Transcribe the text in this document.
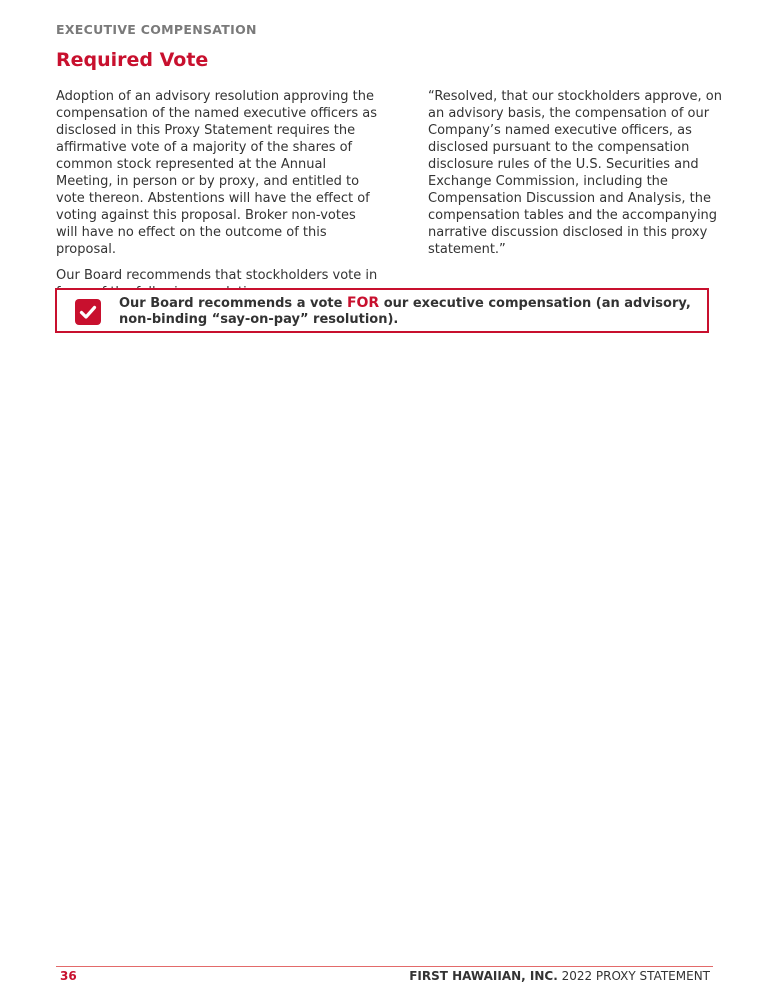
EXECUTIVE COMPENSATION
Required Vote

Adoption of an advisory resolution approving the compensation of the named executive officers as disclosed in this Proxy Statement requires the affirmative vote of a majority of the shares of common stock represented at the Annual Meeting, in person or by proxy, and entitled to vote thereon. Abstentions will have the effect of voting against this proposal. Broker non-votes will have no effect on the outcome of this proposal.

Our Board recommends that stockholders vote in

“Resolved, that our stockholders approve, on an advisory basis, the compensation of our Company’s named executive officers, as disclosed pursuant to the compensation disclosure rules of the U.S. Securities and Exchange Commission, including the Compensation Discussion and Analysis, the compensation tables and the accompanying narrative discussion disclosed in this proxy statement.”

Our Board recommends a vote FOR our executive compensation (an advisory, non-binding “say-on-pay” resolution).
36	FIRST HAWAIIAN, INC. 2022 PROXY STATEMENT
